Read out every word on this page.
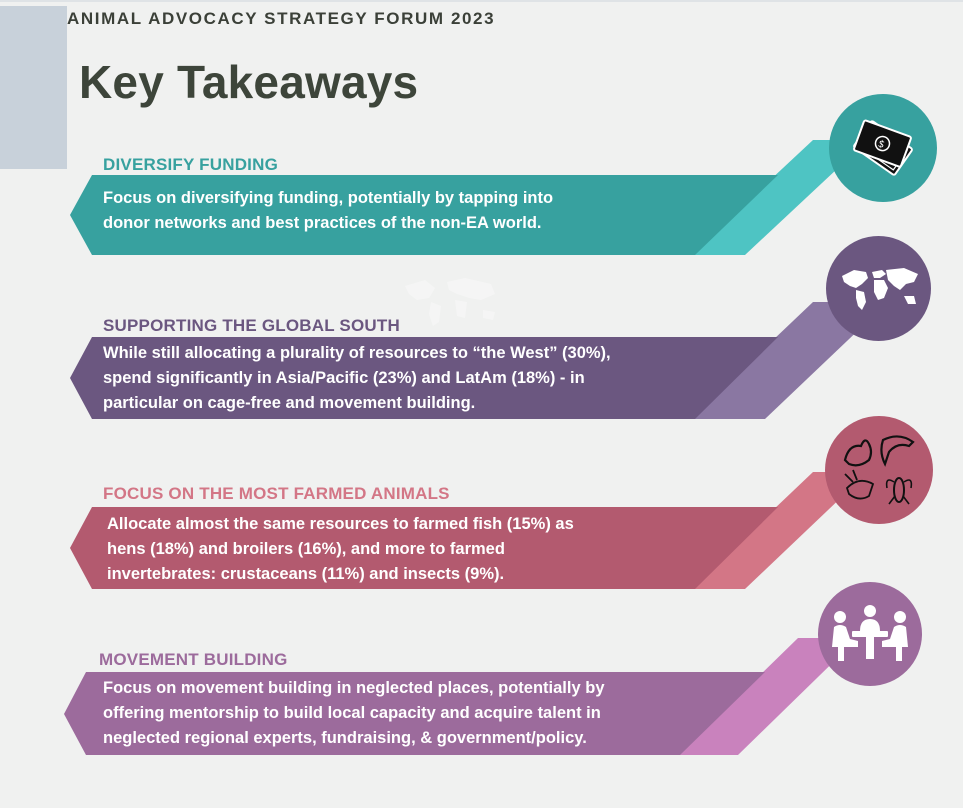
ANIMAL ADVOCACY STRATEGY FORUM 2023
Key Takeaways
$
DIVERSIFY FUNDING
Focus on diversifying funding, potentially by tapping into
donor networks and best practices of the non-EA world.
SUPPORTING THE GLOBAL SOUTH
While still allocating a plurality of resources to “the West” (30%),
spend significantly in Asia/Pacific (23%) and LatAm (18%) - in
particular on cage-free and movement building.
FOCUS ON THE MOST FARMED ANIMALS
Allocate almost the same resources to farmed fish (15%) as
hens (18%) and broilers (16%), and more to farmed
invertebrates: crustaceans (11%) and insects (9%).
MOVEMENT BUILDING
Focus on movement building in neglected places, potentially by
offering mentorship to build local capacity and acquire talent in
neglected regional experts, fundraising, & government/policy.
